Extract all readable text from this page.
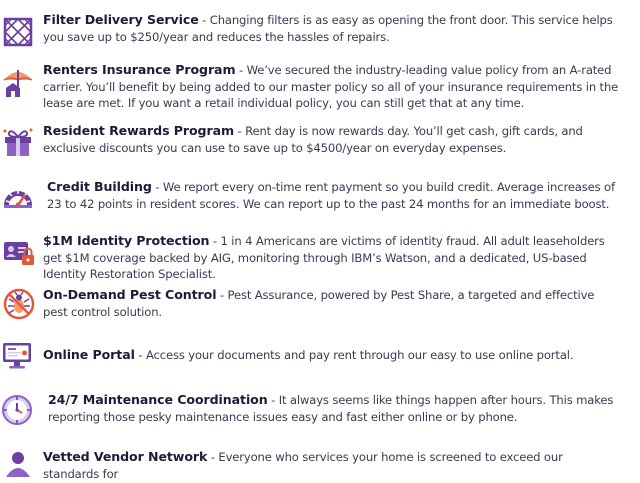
Filter Delivery Service - Changing filters is as easy as opening the front door. This service helps you save up to $250/year and reduces the hassles of repairs.
Renters Insurance Program - We’ve secured the industry-leading value policy from an A-rated carrier. You’ll benefit by being added to our master policy so all of your insurance requirements in the lease are met. If you want a retail individual policy, you can still get that at any time.
Resident Rewards Program - Rent day is now rewards day. You’ll get cash, gift cards, and exclusive discounts you can use to save up to $4500/year on everyday expenses.
Credit Building - We report every on-time rent payment so you build credit. Average increases of 23 to 42 points in resident scores. We can report up to the past 24 months for an immediate boost.
$1M Identity Protection - 1 in 4 Americans are victims of identity fraud. All adult leaseholders get $1M coverage backed by AIG, monitoring through IBM’s Watson, and a dedicated, US-based Identity Restoration Specialist.
On-Demand Pest Control - Pest Assurance, powered by Pest Share, a targeted and effective pest control solution.
Online Portal - Access your documents and pay rent through our easy to use online portal.
24/7 Maintenance Coordination - It always seems like things happen after hours. This makes reporting those pesky maintenance issues easy and fast either online or by phone.
Vetted Vendor Network - Everyone who services your home is screened to exceed our standards for
